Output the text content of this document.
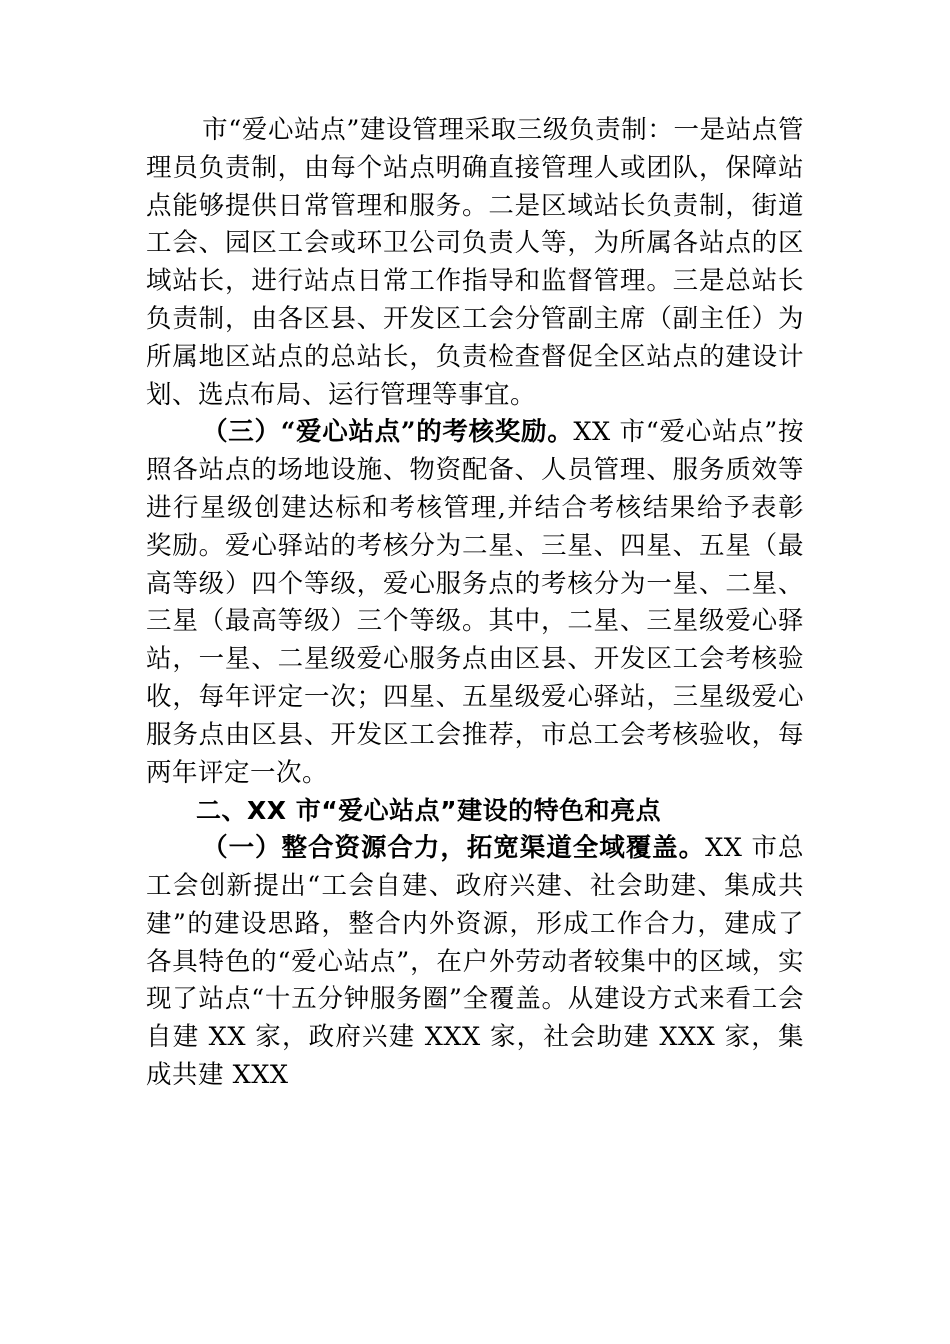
市“爱心站点”建设管理采取三级负责制：一是站点管理员负责制，由每个站点明确直接管理人或团队，保障站点能够提供日常管理和服务。二是区域站长负责制，街道工会、园区工会或环卫公司负责人等，为所属各站点的区域站长，进行站点日常工作指导和监督管理。三是总站长负责制，由各区县、开发区工会分管副主席（副主任）为所属地区站点的总站长，负责检查督促全区站点的建设计划、选点布局、运行管理等事宜。

（三）“爱心站点”的考核奖励。XX 市“爱心站点”按照各站点的场地设施、物资配备、人员管理、服务质效等进行星级创建达标和考核管理,并结合考核结果给予表彰奖励。爱心驿站的考核分为二星、三星、四星、五星（最高等级）四个等级，爱心服务点的考核分为一星、二星、三星（最高等级）三个等级。其中，二星、三星级爱心驿站，一星、二星级爱心服务点由区县、开发区工会考核验收，每年评定一次；四星、五星级爱心驿站，三星级爱心服务点由区县、开发区工会推荐，市总工会考核验收，每两年评定一次。

二、XX 市“爱心站点”建设的特色和亮点

（一）整合资源合力，拓宽渠道全域覆盖。XX 市总工会创新提出“工会自建、政府兴建、社会助建、集成共建”的建设思路，整合内外资源，形成工作合力，建成了各具特色的“爱心站点”，在户外劳动者较集中的区域，实现了站点“十五分钟服务圈”全覆盖。从建设方式来看工会自建 XX 家，政府兴建 XXX 家，社会助建 XXX 家，集成共建 XXX
